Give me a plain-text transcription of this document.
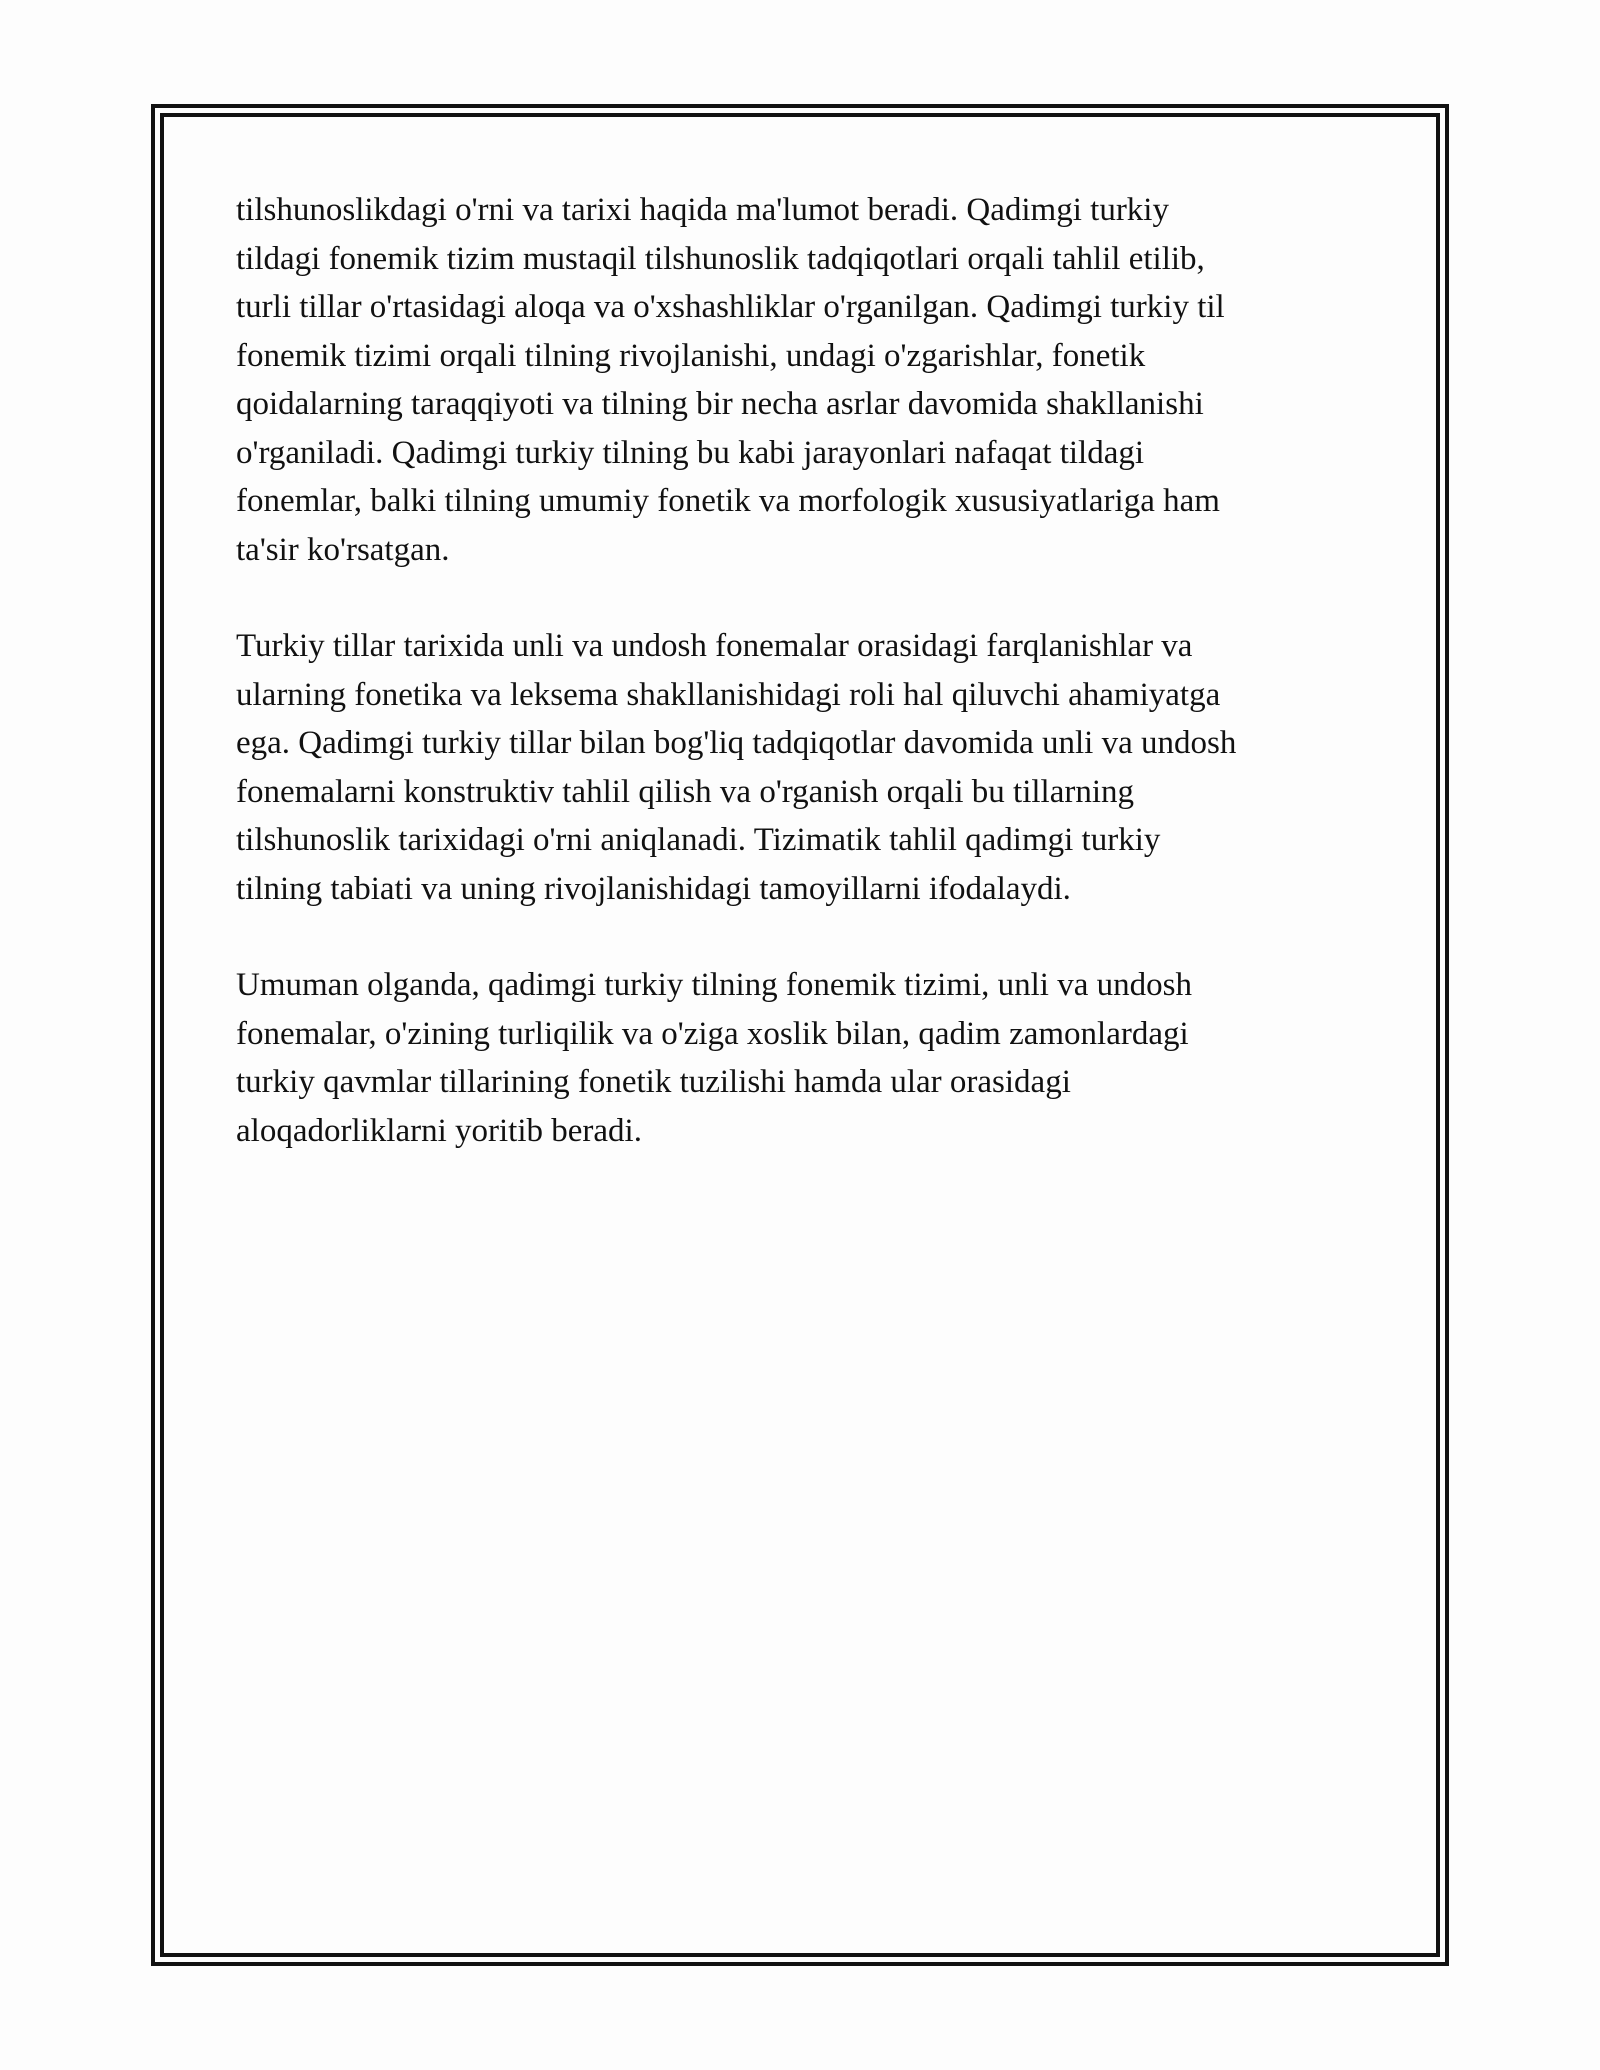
tilshunoslikdagi o'rni va tarixi haqida ma'lumot beradi. Qadimgi turkiy
tildagi fonemik tizim mustaqil tilshunoslik tadqiqotlari orqali tahlil etilib,
turli tillar o'rtasidagi aloqa va o'xshashliklar o'rganilgan. Qadimgi turkiy til
fonemik tizimi orqali tilning rivojlanishi, undagi o'zgarishlar, fonetik
qoidalarning taraqqiyoti va tilning bir necha asrlar davomida shakllanishi
o'rganiladi. Qadimgi turkiy tilning bu kabi jarayonlari nafaqat tildagi
fonemlar, balki tilning umumiy fonetik va morfologik xususiyatlariga ham
ta'sir ko'rsatgan.

Turkiy tillar tarixida unli va undosh fonemalar orasidagi farqlanishlar va
ularning fonetika va leksema shakllanishidagi roli hal qiluvchi ahamiyatga
ega. Qadimgi turkiy tillar bilan bog'liq tadqiqotlar davomida unli va undosh
fonemalarni konstruktiv tahlil qilish va o'rganish orqali bu tillarning
tilshunoslik tarixidagi o'rni aniqlanadi. Tizimatik tahlil qadimgi turkiy
tilning tabiati va uning rivojlanishidagi tamoyillarni ifodalaydi.

Umuman olganda, qadimgi turkiy tilning fonemik tizimi, unli va undosh
fonemalar, o'zining turliqilik va o'ziga xoslik bilan, qadim zamonlardagi
turkiy qavmlar tillarining fonetik tuzilishi hamda ular orasidagi
aloqadorliklarni yoritib beradi.
